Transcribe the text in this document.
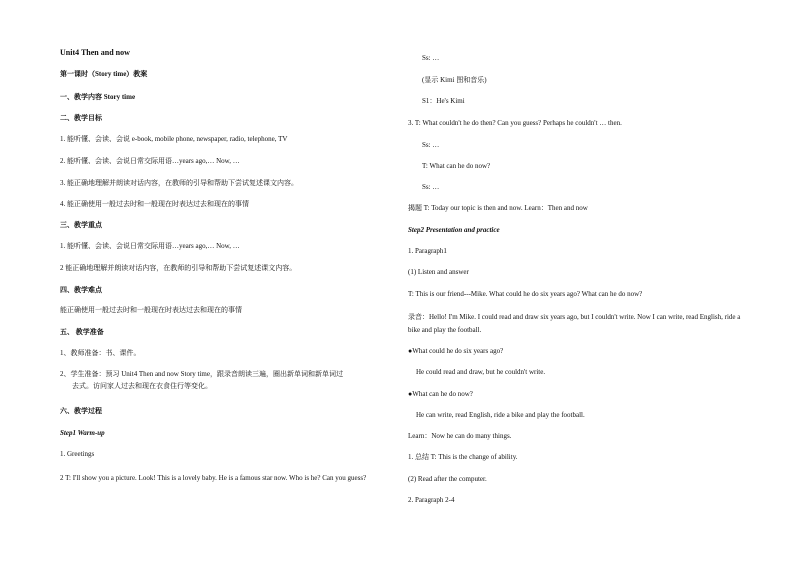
Unit4 Then and now

第一课时（Story time）教案

一、教学内容 Story time

二、教学目标

1. 能听懂、会读、会说 e-book, mobile phone, newspaper, radio, telephone, TV

2. 能听懂、会读、会说日常交际用语…years ago,… Now, …

3. 能正确地理解并朗读对话内容，在教师的引导和帮助下尝试复述课文内容。

4. 能正确使用一般过去时和一般现在时表达过去和现在的事情

三、教学重点

1. 能听懂、会读、会说日常交际用语…years ago,… Now, …

2 能正确地理解并朗读对话内容，在教师的引导和帮助下尝试复述课文内容。

四、教学难点

能正确使用一般过去时和一般现在时表达过去和现在的事情

五、 教学准备

1、教师准备：书、课件。

2、学生准备：预习 Unit4 Then and now Story time，跟录音朗读三遍，圈出新单词和新单词过

去式。访问家人过去和现在衣食住行等变化。

六、教学过程

Step1 Warm-up

1. Greetings

2 T: I'll show you a picture. Look! This is a lovely baby. He is a famous star now. Who is he? Can you guess?

Ss: …

(显示 Kimi 图和音乐)

S1：He's Kimi

3. T: What couldn't he do then? Can you guess? Perhaps he couldn't … then.

Ss: …

T: What can he do now?

Ss: …

揭题 T: Today our topic is then and now. Learn：Then and now

Step2 Presentation and practice

1. Paragraph1

(1) Listen and answer

T: This is our friend---Mike. What could he do six years ago? What can he do now?

录音：Hello! I'm Mike. I could read and draw six years ago, but I couldn't write. Now I can write, read English, ride a bike and play the football.

●What could he do six years ago?

He could read and draw, but he couldn't write.

●What can he do now?

He can write, read English, ride a bike and play the football.

Learn：Now he can do many things.

1. 总结 T: This is the change of ability.

(2) Read after the computer.

2. Paragraph 2-4
